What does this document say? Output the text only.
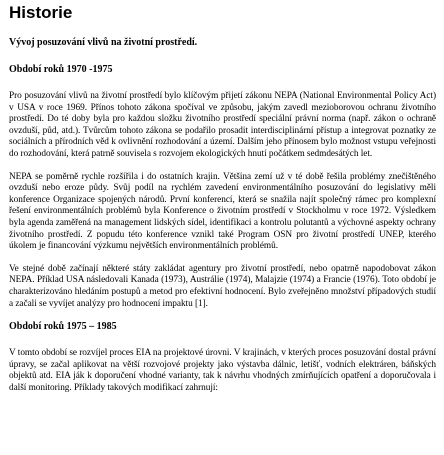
Historie

Vývoj posuzování vlivů na životní prostředí.

Období roků 1970 -1975

Pro posuzování vlivů na životní prostředí bylo klíčovým přijetí zákonu NEPA (National Environmental Policy Act) v USA v roce 1969. Přínos tohoto zákona spočíval ve způsobu, jakým zavedl mezioborovou ochranu životního prostředí. Do té doby byla pro každou složku životního prostředí speciální právní norma (např. zákon o ochraně ovzduší, půd, atd.). Tvůrcům tohoto zákona se podařilo prosadit interdisciplinární přístup a integrovat poznatky ze sociálních a přírodních věd k ovlivnění rozhodování a území. Dalším jeho přínosem bylo možnost vstupu veřejnosti do rozhodování, která patrně souvisela s rozvojem ekologických hnutí počátkem sedmdesátých let.

NEPA se poměrně rychle rozšířila i do ostatních krajin. Většina zemí už v té době řešila problémy znečištěného ovzduší nebo eroze půdy. Svůj podíl na rychlém zavedení environmentálního posuzování do legislativy měli konference Organizace spojených národů. První konferencí, která se snažila najít společný rámec pro komplexní řešení environmentálních problémů byla Konference o životním prostředí v Stockholmu v roce 1972. Výsledkem byla agenda zaměřená na management lidských sídel, identifikaci a kontrolu polutantů a výchovné aspekty ochrany životního prostředí. Z popudu této konference vznikl také Program OSN pro životní prostředí UNEP, kterého úkolem je financování výzkumu největších environmentálních problémů.

Ve stejné době začínají některé státy zakládat agentury pro životní prostředí, nebo opatrně napodobovat zákon NEPA. Příklad USA následovali Kanada (1973), Austrálie (1974), Malajzie (1974) a Francie (1976). Toto období je charakterizováno hledáním postupů a metod pro efektivní hodnocení. Bylo zveřejněno množství případových studií a začali se vyvíjet analýzy pro hodnocení impaktu [1].

Období roků 1975 – 1985

V tomto období se rozvíjel proces EIA na projektové úrovni. V krajinách, v kterých proces posuzování dostal právní úpravy, se začal aplikovat na větší rozvojové projekty jako výstavba dálnic, letišť, vodních elektráren, báňských objektů atd. EIA ják k doporučení vhodné varianty, tak k návrhu vhodných zmírňujících opatření a doporučovala i další monitoring. Příklady takových modifikací zahrnují:
